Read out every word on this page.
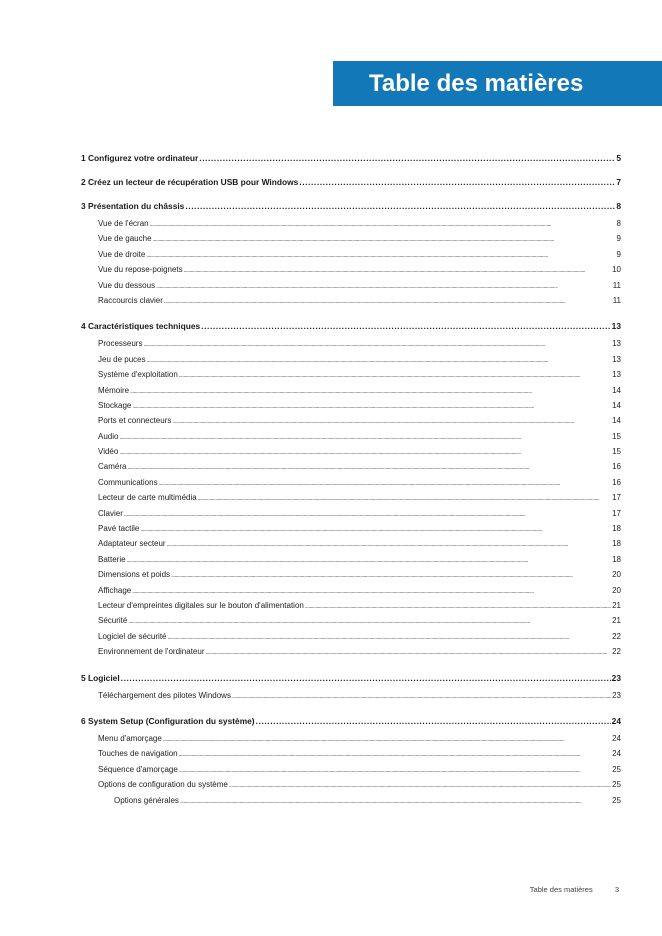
Table des matières
1 Configurez votre ordinateur .....	5
2 Créez un lecteur de récupération USB pour Windows .....	7
3 Présentation du châssis .....	8
Vue de l'écran .....	8
Vue de gauche .....	9
Vue de droite .....	9
Vue du repose-poignets .....	10
Vue du dessous .....	11
Raccourcis clavier .....	11
4 Caractéristiques techniques .....	13
Processeurs .....	13
Jeu de puces .....	13
Système d'exploitation .....	13
Mémoire .....	14
Stockage .....	14
Ports et connecteurs .....	14
Audio .....	15
Vidéo .....	15
Caméra .....	16
Communications .....	16
Lecteur de carte multimédia .....	17
Clavier .....	17
Pavé tactile .....	18
Adaptateur secteur .....	18
Batterie .....	18
Dimensions et poids .....	20
Affichage .....	20
Lecteur d'empreintes digitales sur le bouton d'alimentation .....	21
Sécurité .....	21
Logiciel de sécurité .....	22
Environnement de l'ordinateur .....	22
5 Logiciel .....	23
Téléchargement des pilotes Windows .....	23
6 System Setup (Configuration du système) .....	24
Menu d'amorçage .....	24
Touches de navigation .....	24
Séquence d'amorçage .....	25
Options de configuration du système .....	25
Options générales .....	25
Table des matières	3
